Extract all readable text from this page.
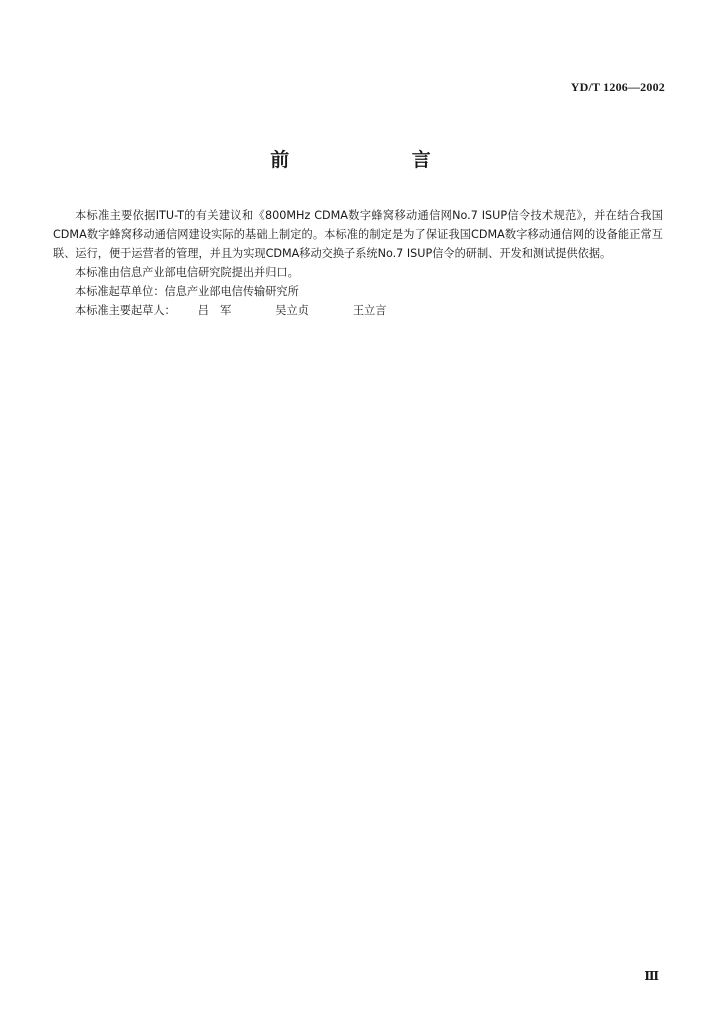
YD/T 1206—2002
前 言

本标准主要依据ITU-T的有关建议和《800MHz CDMA数字蜂窝移动通信网No.7 ISUP信令技术规范》，并在结合我国CDMA数字蜂窝移动通信网建设实际的基础上制定的。本标准的制定是为了保证我国CDMA数字移动通信网的设备能正常互联、运行，便于运营者的管理，并且为实现CDMA移动交换子系统No.7 ISUP信令的研制、开发和测试提供依据。

本标准由信息产业部电信研究院提出并归口。

本标准起草单位：信息产业部电信传输研究所

本标准主要起草人： 吕　军	吴立贞	王立言

Ⅲ
